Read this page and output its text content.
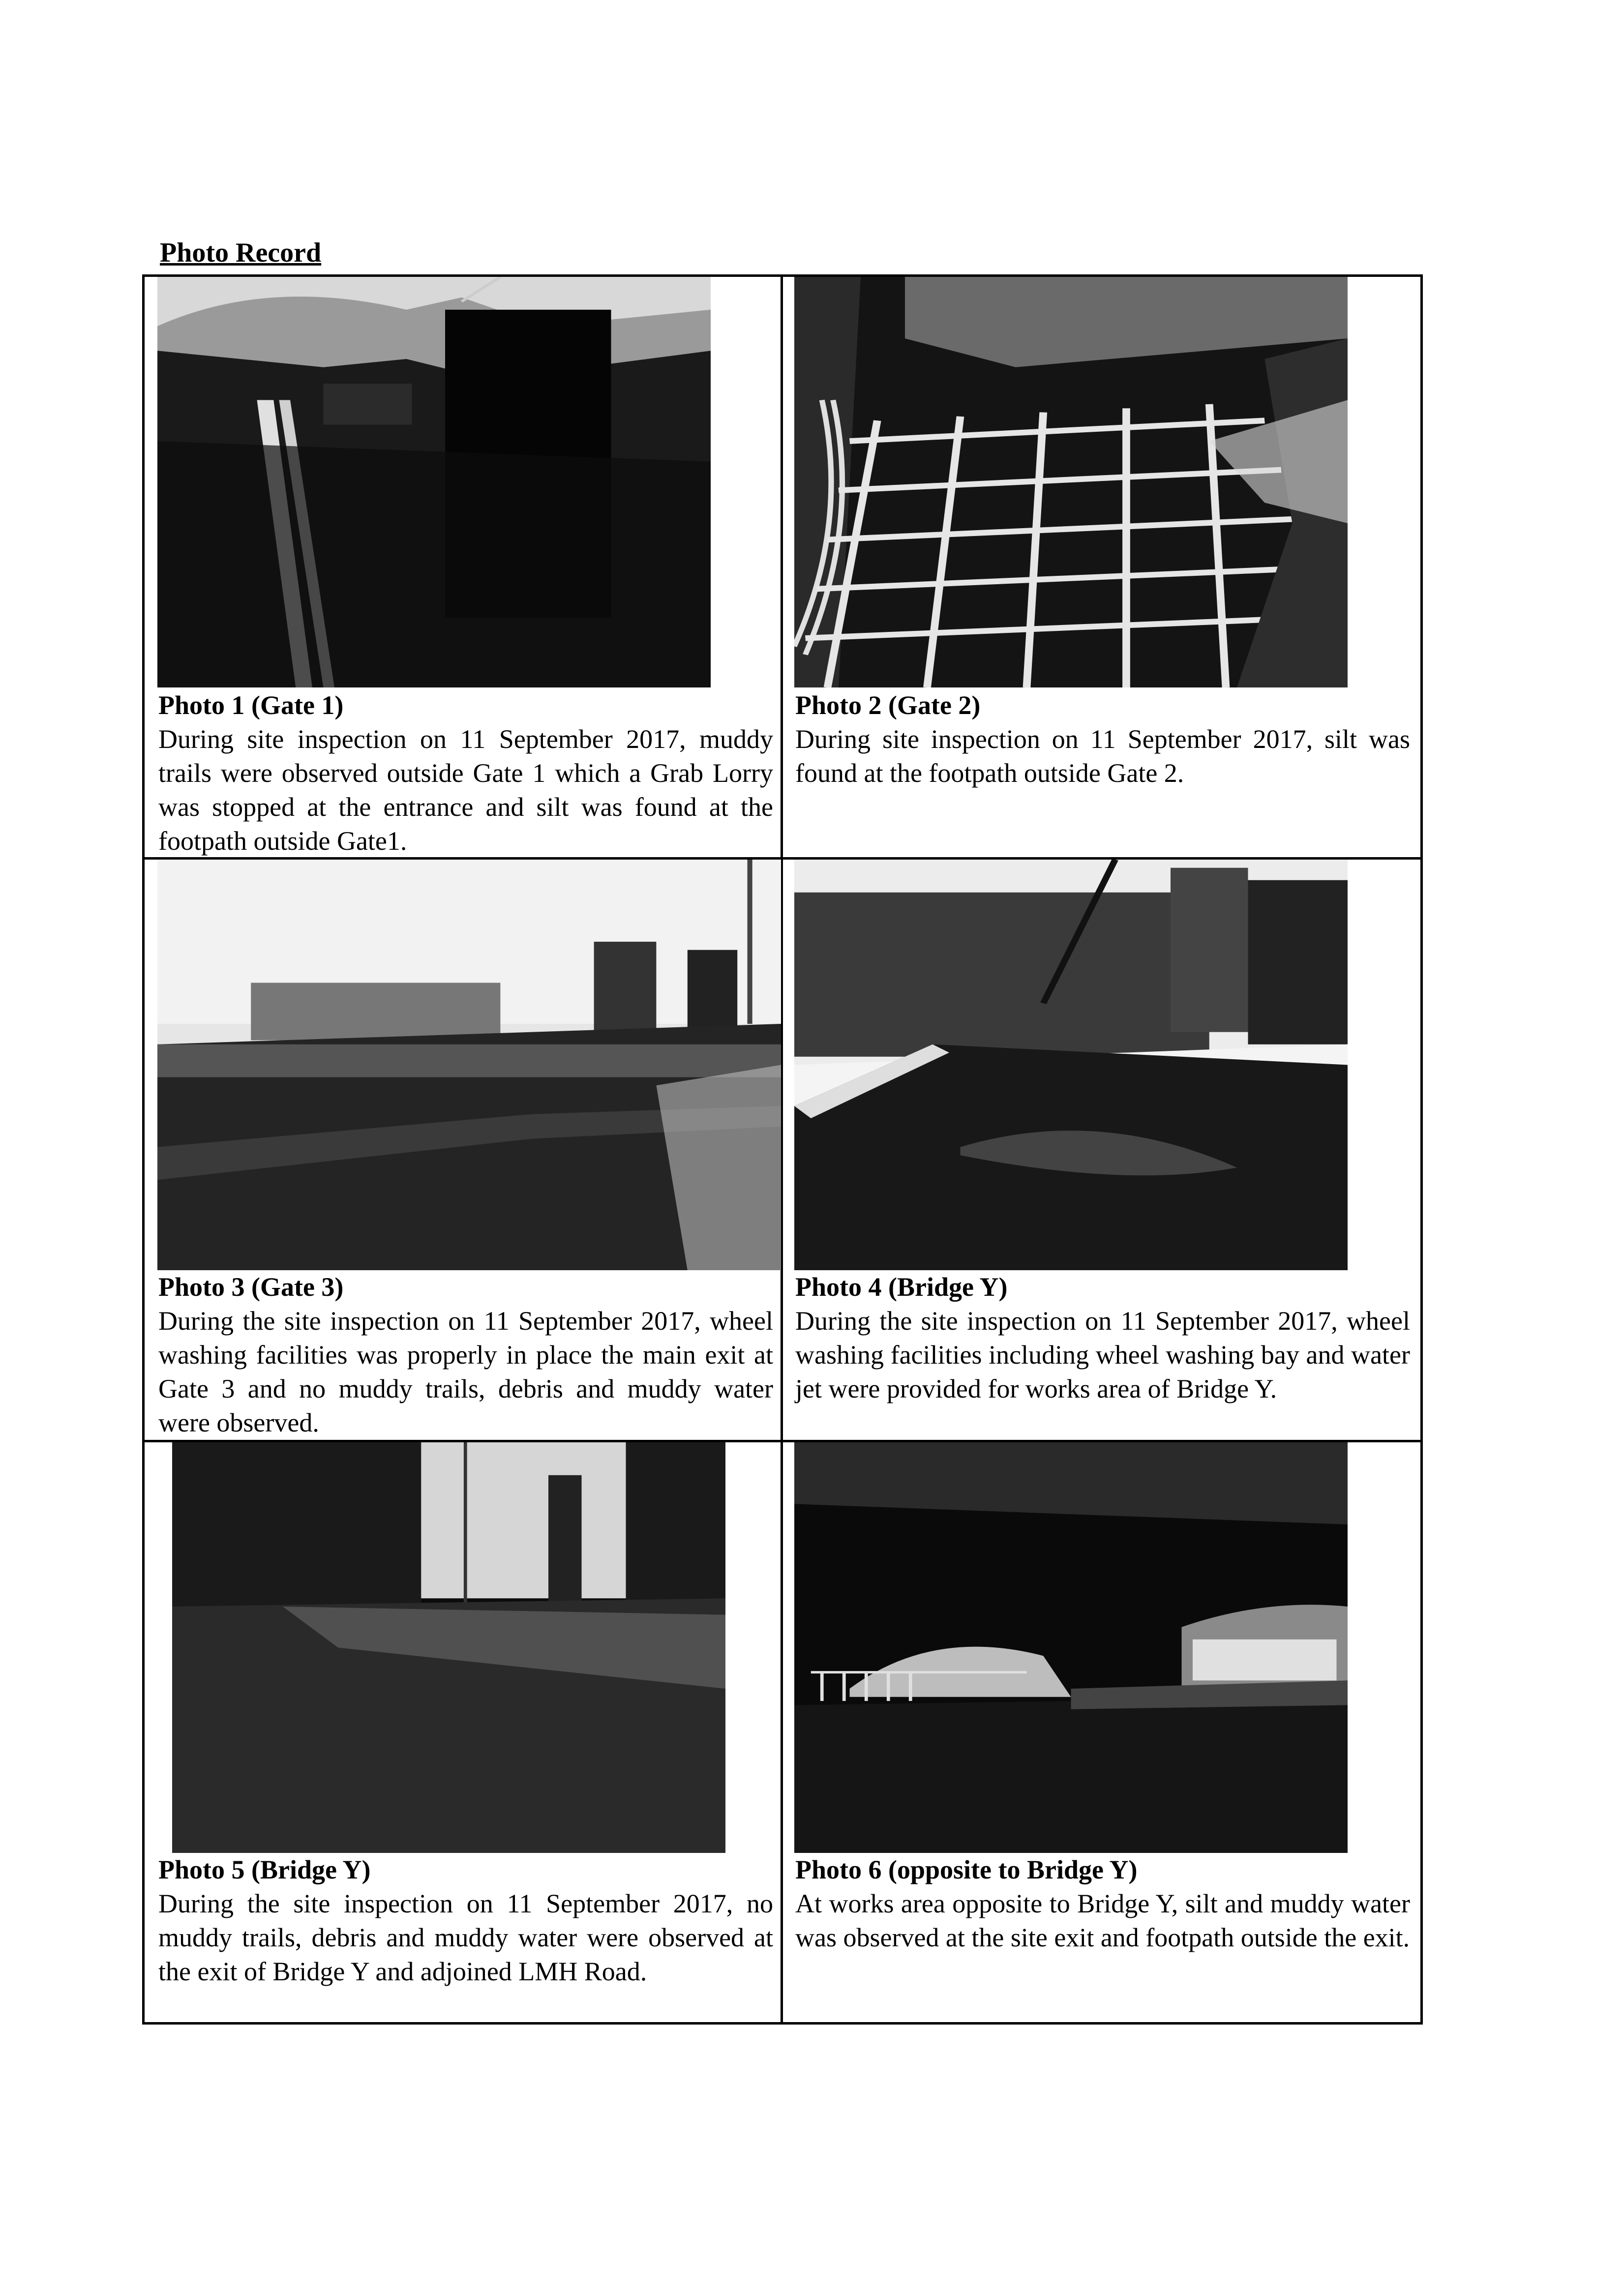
Photo Record
Photo 1 (Gate 1)
During site inspection on 11 September 2017, muddy trails were observed outside Gate 1 which a Grab Lorry was stopped at the entrance and silt was found at the footpath outside Gate1.
Photo 2 (Gate 2)
During site inspection on 11 September 2017, silt was found at the footpath outside Gate 2.
Photo 3 (Gate 3)
During the site inspection on 11 September 2017, wheel washing facilities was properly in place the main exit at Gate 3 and no muddy trails, debris and muddy water were observed.
Photo 4 (Bridge Y)
During the site inspection on 11 September 2017, wheel washing facilities including wheel washing bay and water jet were provided for works area of Bridge Y.
Photo 5 (Bridge Y)
During the site inspection on 11 September 2017, no muddy trails, debris and muddy water were observed at the exit of Bridge Y and adjoined LMH Road.
Photo 6 (opposite to Bridge Y)
At works area opposite to Bridge Y, silt and muddy water was observed at the site exit and footpath outside the exit.
